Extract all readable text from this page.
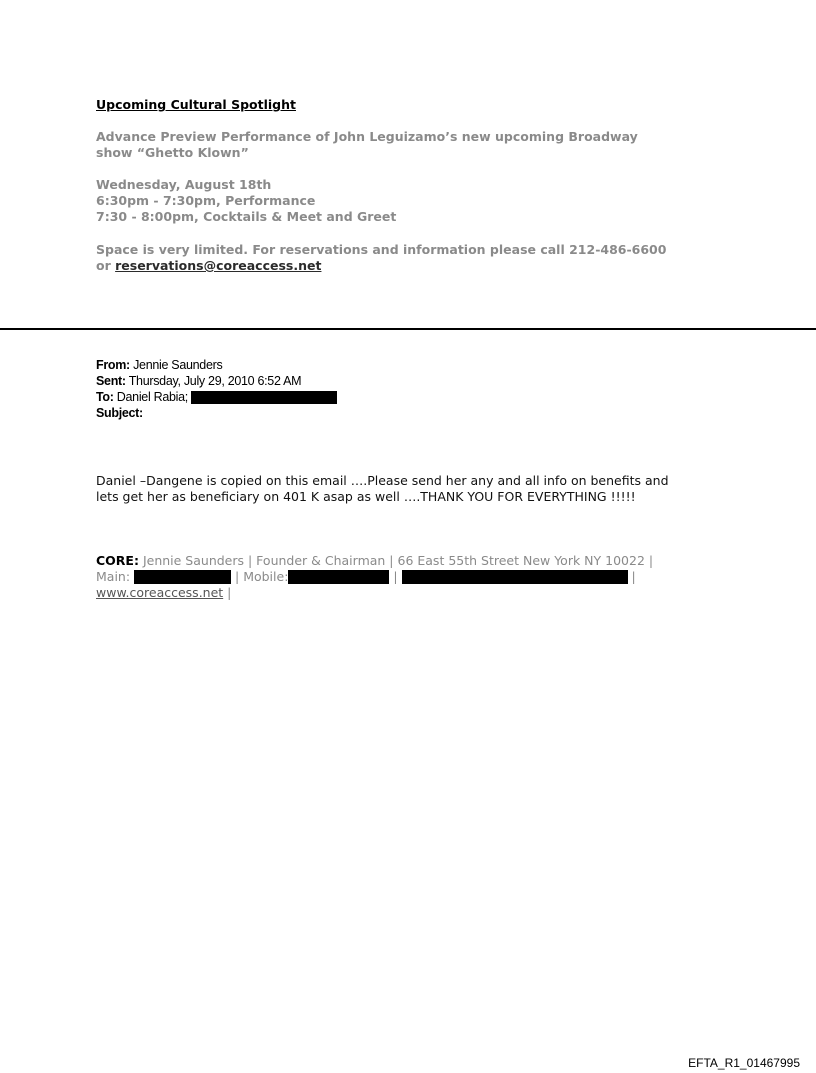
Upcoming Cultural Spotlight
Advance Preview Performance of John Leguizamo’s new upcoming Broadway
show “Ghetto Klown”
Wednesday, August 18th
6:30pm - 7:30pm, Performance
7:30 - 8:00pm, Cocktails & Meet and Greet
Space is very limited. For reservations and information please call 212-486-6600
or reservations@coreaccess.net
From: Jennie Saunders
Sent: Thursday, July 29, 2010 6:52 AM
To: Daniel Rabia;
Subject:
Daniel –Dangene is copied on this email ….Please send her any and all info on benefits and
lets get her as beneficiary on 401 K asap as well ….THANK YOU FOR EVERYTHING !!!!!
CORE: Jennie Saunders | Founder & Chairman | 66 East 55th Street New York NY 10022 |
Main:	| Mobile:	|	|
www.coreaccess.net |
EFTA_R1_01467995
